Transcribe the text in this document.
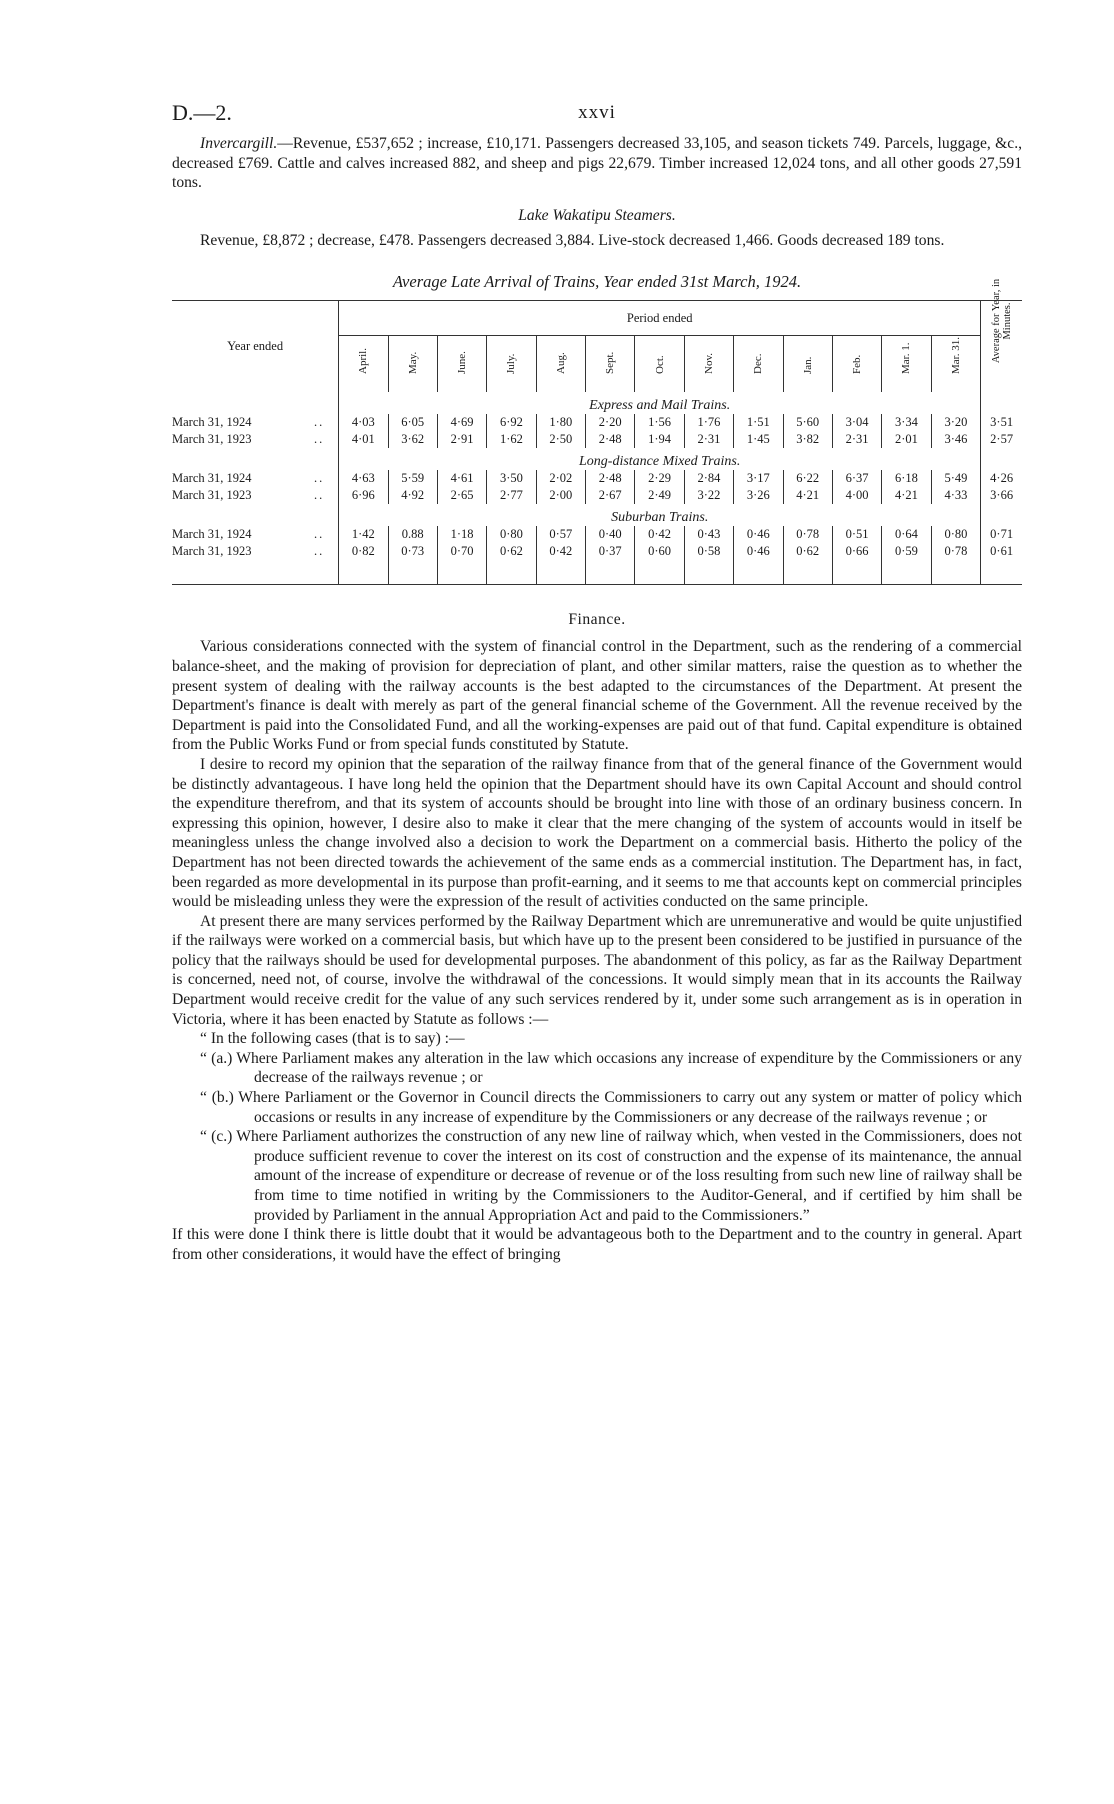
D.—2.	xxvi

Invercargill.—Revenue, £537,652 ; increase, £10,171. Passengers decreased 33,105, and season tickets 749. Parcels, luggage, &c., decreased £769. Cattle and calves increased 882, and sheep and pigs 22,679. Timber increased 12,024 tons, and all other goods 27,591 tons.

Lake Wakatipu Steamers.

Revenue, £8,872 ; decrease, £478. Passengers decreased 3,884. Live-stock decreased 1,466. Goods decreased 189 tons.

Average Late Arrival of Trains, Year ended 31st March, 1924.
Year ended		Period ended													Average for Year, in Minutes.

		April.	May.	June.	July.	Aug.	Sept.	Oct.	Nov.	Dec.	Jan.	Feb.	Mar. 1.	Mar. 31.	

		Express and Mail Trains.													
March 31, 1924	..	4·03	6·05	4·69	6·92	1·80	2·20	1·56	1·76	1·51	5·60	3·04	3·34	3·20	3·51
March 31, 1923	..	4·01	3·62	2·91	1·62	2·50	2·48	1·94	2·31	1·45	3·82	2·31	2·01	3·46	2·57
		Long-distance Mixed Trains.													
March 31, 1924	..	4·63	5·59	4·61	3·50	2·02	2·48	2·29	2·84	3·17	6·22	6·37	6·18	5·49	4·26
March 31, 1923	..	6·96	4·92	2·65	2·77	2·00	2·67	2·49	3·22	3·26	4·21	4·00	4·21	4·33	3·66
		Suburban Trains.													
March 31, 1924	..	1·42	0.88	1·18	0·80	0·57	0·40	0·42	0·43	0·46	0·78	0·51	0·64	0·80	0·71
March 31, 1923	..	0·82	0·73	0·70	0·62	0·42	0·37	0·60	0·58	0·46	0·62	0·66	0·59	0·78	0·61

Finance.

Various considerations connected with the system of financial control in the Department, such as the rendering of a commercial balance-sheet, and the making of provision for depreciation of plant, and other similar matters, raise the question as to whether the present system of dealing with the railway accounts is the best adapted to the circumstances of the Department. At present the Department's finance is dealt with merely as part of the general financial scheme of the Government. All the revenue received by the Department is paid into the Consolidated Fund, and all the working-expenses are paid out of that fund. Capital expenditure is obtained from the Public Works Fund or from special funds constituted by Statute.

I desire to record my opinion that the separation of the railway finance from that of the general finance of the Government would be distinctly advantageous. I have long held the opinion that the Department should have its own Capital Account and should control the expenditure therefrom, and that its system of accounts should be brought into line with those of an ordinary business concern. In expressing this opinion, however, I desire also to make it clear that the mere changing of the system of accounts would in itself be meaningless unless the change involved also a decision to work the Department on a commercial basis. Hitherto the policy of the Department has not been directed towards the achievement of the same ends as a commercial institution. The Department has, in fact, been regarded as more developmental in its purpose than profit-earning, and it seems to me that accounts kept on commercial principles would be misleading unless they were the expression of the result of activities conducted on the same principle.

At present there are many services performed by the Railway Department which are unremunerative and would be quite unjustified if the railways were worked on a commercial basis, but which have up to the present been considered to be justified in pursuance of the policy that the railways should be used for developmental purposes. The abandonment of this policy, as far as the Railway Department is concerned, need not, of course, involve the withdrawal of the concessions. It would simply mean that in its accounts the Railway Department would receive credit for the value of any such services rendered by it, under some such arrangement as is in operation in Victoria, where it has been enacted by Statute as follows :—

“ In the following cases (that is to say) :—
“ (a.) Where Parliament makes any alteration in the law which occasions any increase of expenditure by the Commissioners or any decrease of the railways revenue ; or
“ (b.) Where Parliament or the Governor in Council directs the Commissioners to carry out any system or matter of policy which occasions or results in any increase of expenditure by the Commissioners or any decrease of the railways revenue ; or
“ (c.) Where Parliament authorizes the construction of any new line of railway which, when vested in the Commissioners, does not produce sufficient revenue to cover the interest on its cost of construction and the expense of its maintenance, the annual amount of the increase of expenditure or decrease of revenue or of the loss resulting from such new line of railway shall be from time to time notified in writing by the Commissioners to the Auditor-General, and if certified by him shall be provided by Parliament in the annual Appropriation Act and paid to the Commissioners.”

If this were done I think there is little doubt that it would be advantageous both to the Department and to the country in general. Apart from other considerations, it would have the effect of bringing
